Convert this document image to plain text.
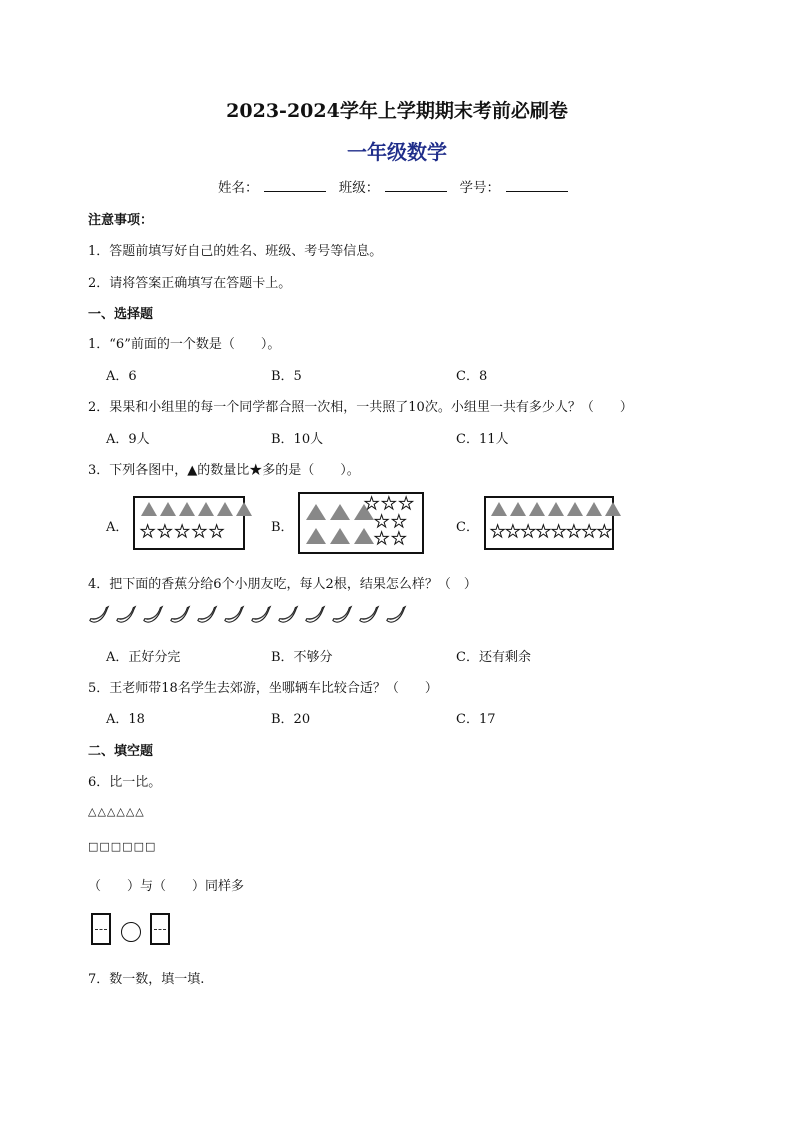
2023-2024学年上学期期末考前必刷卷
一年级数学
姓名：	班级：	学号：
注意事项：
1．答题前填写好自己的姓名、班级、考号等信息。
2．请将答案正确填写在答题卡上。
一、选择题
1．“6”前面的一个数是（　　）。
A．6	B．5	C．8
2．果果和小组里的每一个同学都合照一次相，一共照了10次。小组里一共有多少人？（　　）
A．9人	B．10人	C．11人
3．下列各图中，▲的数量比★多的是（　　）。
A． ★ ★ ★ ★ ★	B．
★ ★ ★
★ ★
★ ★
C． ★★★★★★★★
4．把下面的香蕉分给6个小朋友吃，每人2根，结果怎么样？（　）
A．正好分完	B．不够分	C．还有剩余
5．王老师带18名学生去郊游，坐哪辆车比较合适？（　　）
A．18	B．20	C．17
二、填空题
6．比一比。
△△△△△△
□□□□□□
（　　）与（　　）同样多
7．数一数，填一填.
